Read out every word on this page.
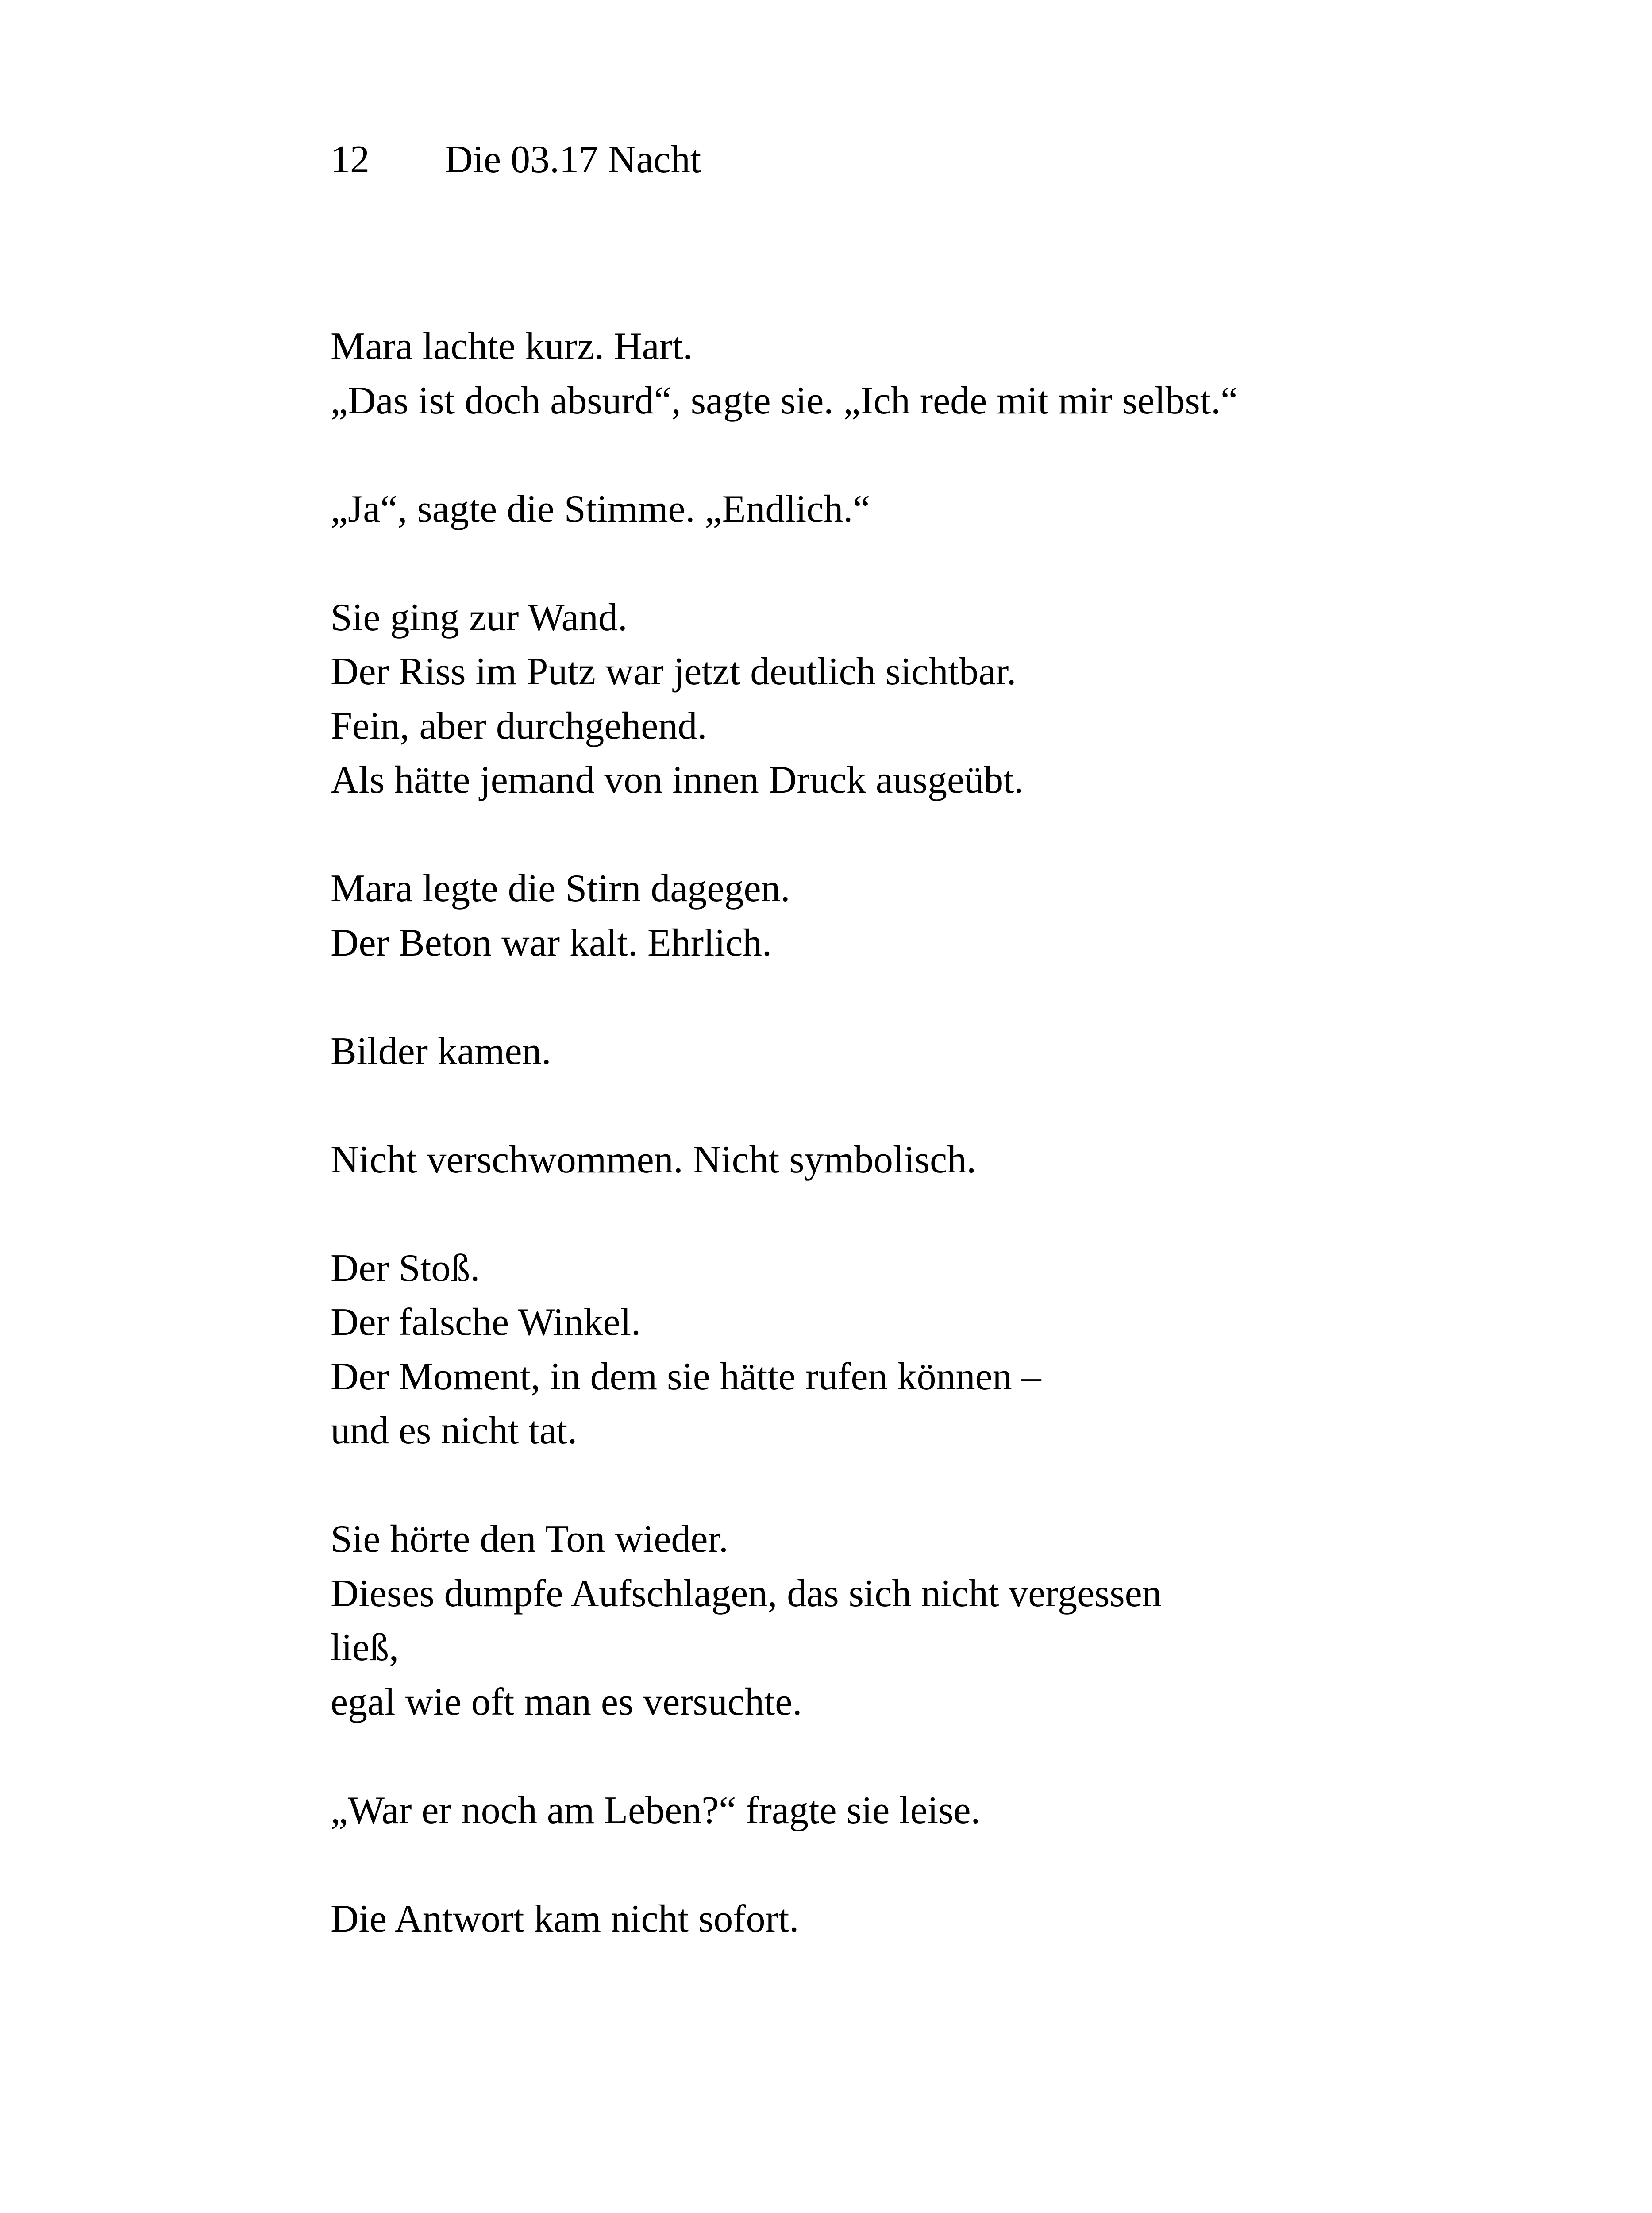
12 Die 03.17 Nacht
Mara lachte kurz. Hart.
„Das ist doch absurd“, sagte sie. „Ich rede mit mir selbst.“
„Ja“, sagte die Stimme. „Endlich.“
Sie ging zur Wand.
Der Riss im Putz war jetzt deutlich sichtbar.
Fein, aber durchgehend.
Als hätte jemand von innen Druck ausgeübt.
Mara legte die Stirn dagegen.
Der Beton war kalt. Ehrlich.
Bilder kamen.
Nicht verschwommen. Nicht symbolisch.
Der Stoß.
Der falsche Winkel.
Der Moment, in dem sie hätte rufen können –
und es nicht tat.
Sie hörte den Ton wieder.
Dieses dumpfe Aufschlagen, das sich nicht vergessen
ließ,
egal wie oft man es versuchte.
„War er noch am Leben?“ fragte sie leise.
Die Antwort kam nicht sofort.
